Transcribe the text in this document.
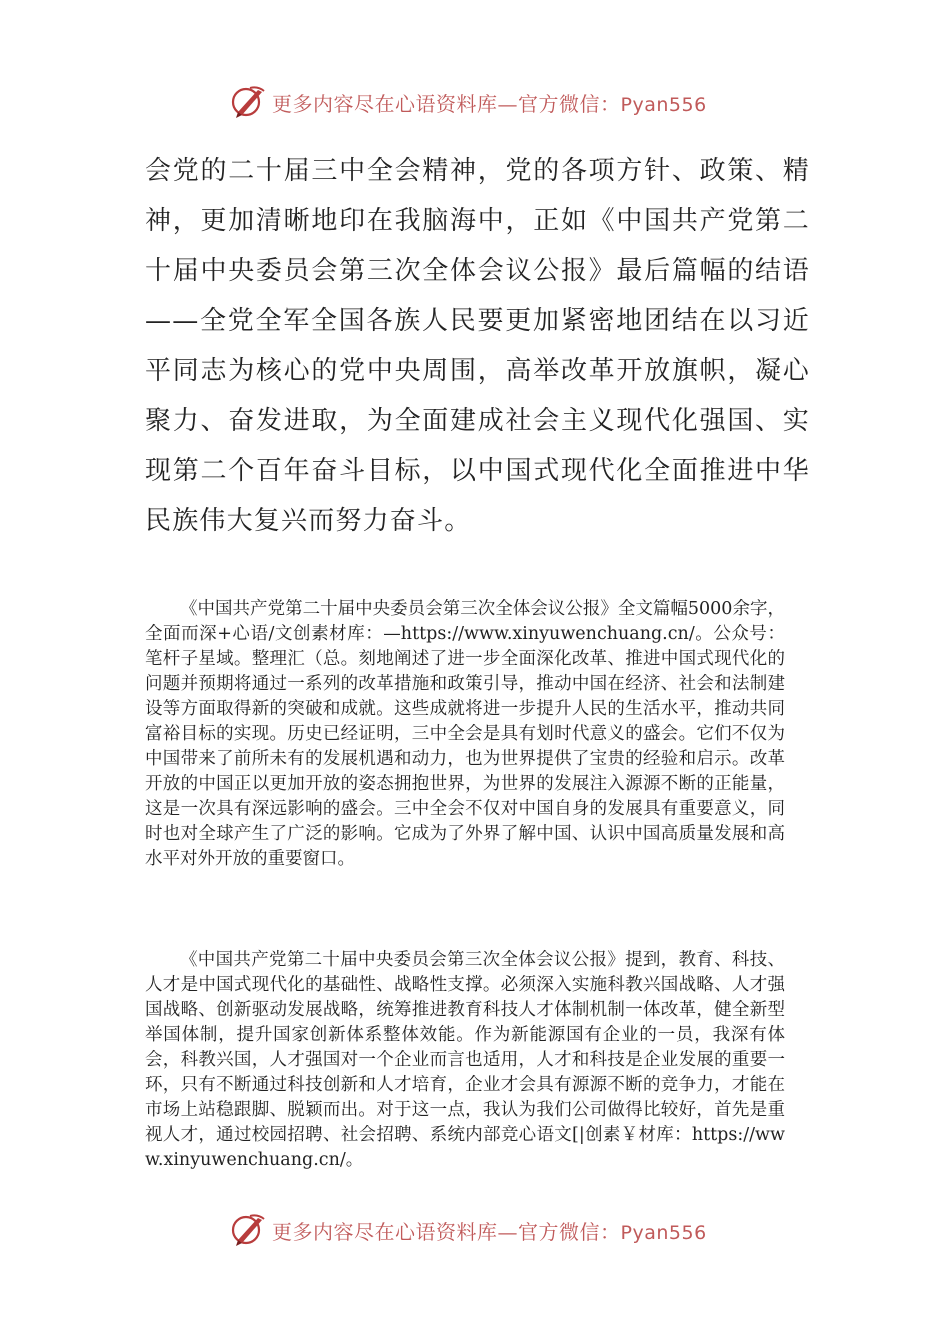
更多内容尽在心语资料库—官方微信：Pyan556

会党的二十届三中全会精神，党的各项方针、政策、精神，更加清晰地印在我脑海中，正如《中国共产党第二十届中央委员会第三次全体会议公报》最后篇幅的结语——全党全军全国各族人民要更加紧密地团结在以习近平同志为核心的党中央周围，高举改革开放旗帜，凝心聚力、奋发进取，为全面建成社会主义现代化强国、实现第二个百年奋斗目标，以中国式现代化全面推进中华民族伟大复兴而努力奋斗。

《中国共产党第二十届中央委员会第三次全体会议公报》全文篇幅5000余字，全面而深+心语/文创素材库：—https://www.xinyuwenchuang.cn/。公众号：笔杆子星域。整理汇（总。刻地阐述了进一步全面深化改革、推进中国式现代化的问题并预期将通过一系列的改革措施和政策引导，推动中国在经济、社会和法制建设等方面取得新的突破和成就。这些成就将进一步提升人民的生活水平，推动共同富裕目标的实现。历史已经证明，三中全会是具有划时代意义的盛会。它们不仅为中国带来了前所未有的发展机遇和动力，也为世界提供了宝贵的经验和启示。改革开放的中国正以更加开放的姿态拥抱世界，为世界的发展注入源源不断的正能量，这是一次具有深远影响的盛会。三中全会不仅对中国自身的发展具有重要意义，同时也对全球产生了广泛的影响。它成为了外界了解中国、认识中国高质量发展和高水平对外开放的重要窗口。

《中国共产党第二十届中央委员会第三次全体会议公报》提到，教育、科技、人才是中国式现代化的基础性、战略性支撑。必须深入实施科教兴国战略、人才强国战略、创新驱动发展战略，统筹推进教育科技人才体制机制一体改革，健全新型举国体制，提升国家创新体系整体效能。作为新能源国有企业的一员，我深有体会，科教兴国，人才强国对一个企业而言也适用，人才和科技是企业发展的重要一环，只有不断通过科技创新和人才培育，企业才会具有源源不断的竞争力，才能在市场上站稳跟脚、脱颖而出。对于这一点，我认为我们公司做得比较好，首先是重视人才，通过校园招聘、社会招聘、系统内部竞心语文[|创素￥材库：https://www.xinyuwenchuang.cn/。

更多内容尽在心语资料库—官方微信：Pyan556
